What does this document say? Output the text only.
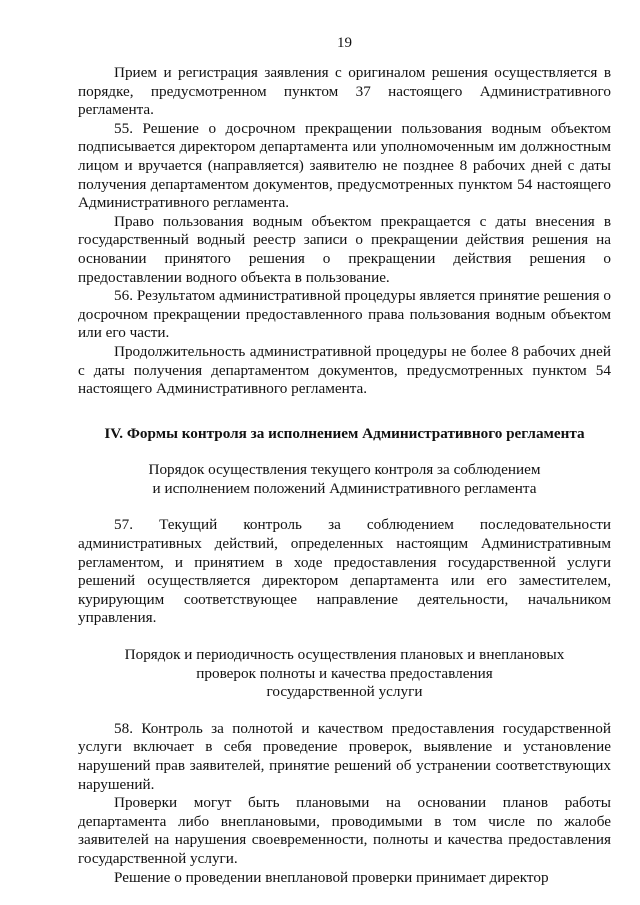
19

Прием и регистрация заявления с оригиналом решения осуществляется в порядке, предусмотренном пунктом 37 настоящего Административного регламента.

55. Решение о досрочном прекращении пользования водным объектом подписывается директором департамента или уполномоченным им должностным лицом и вручается (направляется) заявителю не позднее 8 рабочих дней с даты получения департаментом документов, предусмотренных пунктом 54 настоящего Административного регламента.

Право пользования водным объектом прекращается с даты внесения в государственный водный реестр записи о прекращении действия решения на основании принятого решения о прекращении действия решения о предоставлении водного объекта в пользование.

56. Результатом административной процедуры является принятие решения о досрочном прекращении предоставленного права пользования водным объектом или его части.

Продолжительность административной процедуры не более 8 рабочих дней с даты получения департаментом документов, предусмотренных пунктом 54 настоящего Административного регламента.

IV. Формы контроля за исполнением Административного регламента

Порядок осуществления текущего контроля за соблюдением
и исполнением положений Административного регламента

57. Текущий контроль за соблюдением последовательности административных действий, определенных настоящим Административным регламентом, и принятием в ходе предоставления государственной услуги решений осуществляется директором департамента или его заместителем, курирующим соответствующее направление деятельности, начальником управления.

Порядок и периодичность осуществления плановых и внеплановых
проверок полноты и качества предоставления
государственной услуги

58. Контроль за полнотой и качеством предоставления государственной услуги включает в себя проведение проверок, выявление и установление нарушений прав заявителей, принятие решений об устранении соответствующих нарушений.

Проверки могут быть плановыми на основании планов работы департамента либо внеплановыми, проводимыми в том числе по жалобе заявителей на нарушения своевременности, полноты и качества предоставления государственной услуги.

Решение о проведении внеплановой проверки принимает директор
